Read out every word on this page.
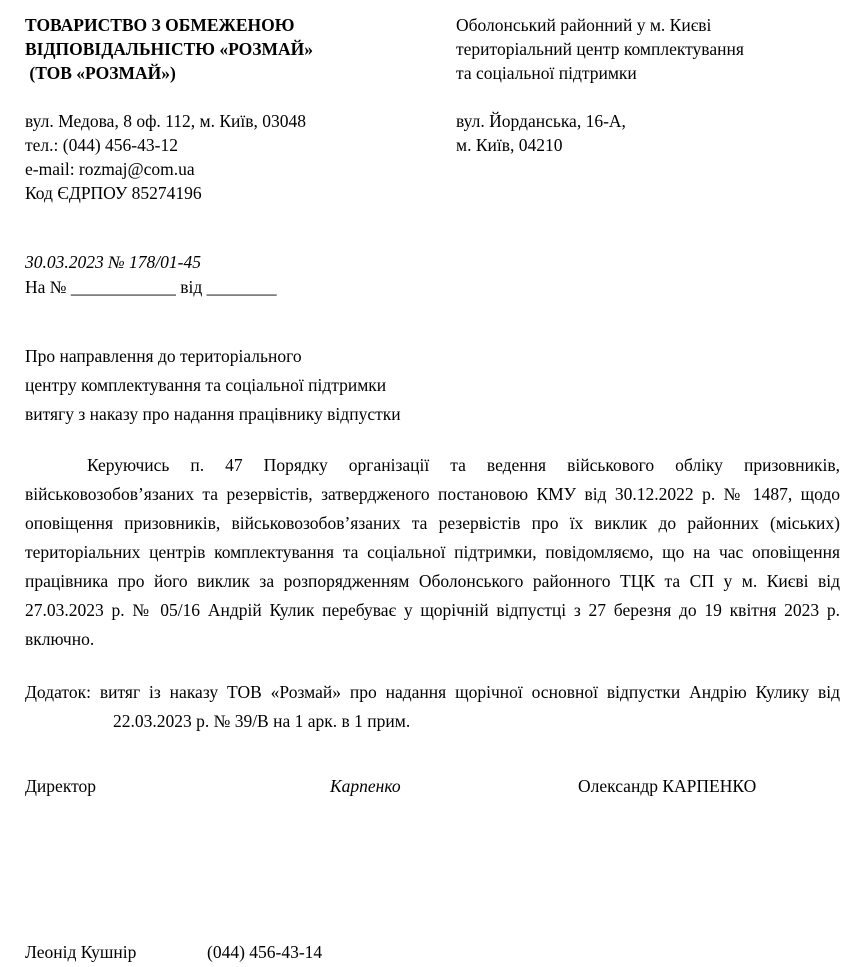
ТОВАРИСТВО З ОБМЕЖЕНОЮ
ВІДПОВІДАЛЬНІСТЮ «РОЗМАЙ»
(ТОВ «РОЗМАЙ»)
вул. Медова, 8 оф. 112, м. Київ, 03048
тел.: (044) 456-43-12
e-mail: rozmaj@com.ua
Код ЄДРПОУ 85274196
Оболонський районний у м. Києві
територіальний центр комплектування
та соціальної підтримки
вул. Йорданська, 16-А,
м. Київ, 04210
30.03.2023 № 178/01-45
На № ____________ від ________
Про направлення до територіального
центру комплектування та соціальної підтримки
витягу з наказу про надання працівнику відпустки

Керуючись п. 47 Порядку організації та ведення військового обліку призовників, військовозобов’язаних та резервістів, затвердженого постановою КМУ від 30.12.2022 р. № 1487, щодо оповіщення призовників, військовозобов’язаних та резервістів про їх виклик до районних (міських) територіальних центрів комплектування та соціальної підтримки, повідомляємо, що на час оповіщення працівника про його виклик за розпорядженням Оболонського районного ТЦК та СП у м. Києві від 27.03.2023 р. № 05/16 Андрій Кулик перебуває у щорічній відпустці з 27 березня до 19 квітня 2023 р. включно.

Додаток: витяг із наказу ТОВ «Розмай» про надання щорічної основної відпустки Андрію Кулику від 22.03.2023 р. № 39/В на 1 арк. в 1 прим.
Директор	Карпенко	Олександр КАРПЕНКО
Леонід Кушнір	(044) 456-43-14
